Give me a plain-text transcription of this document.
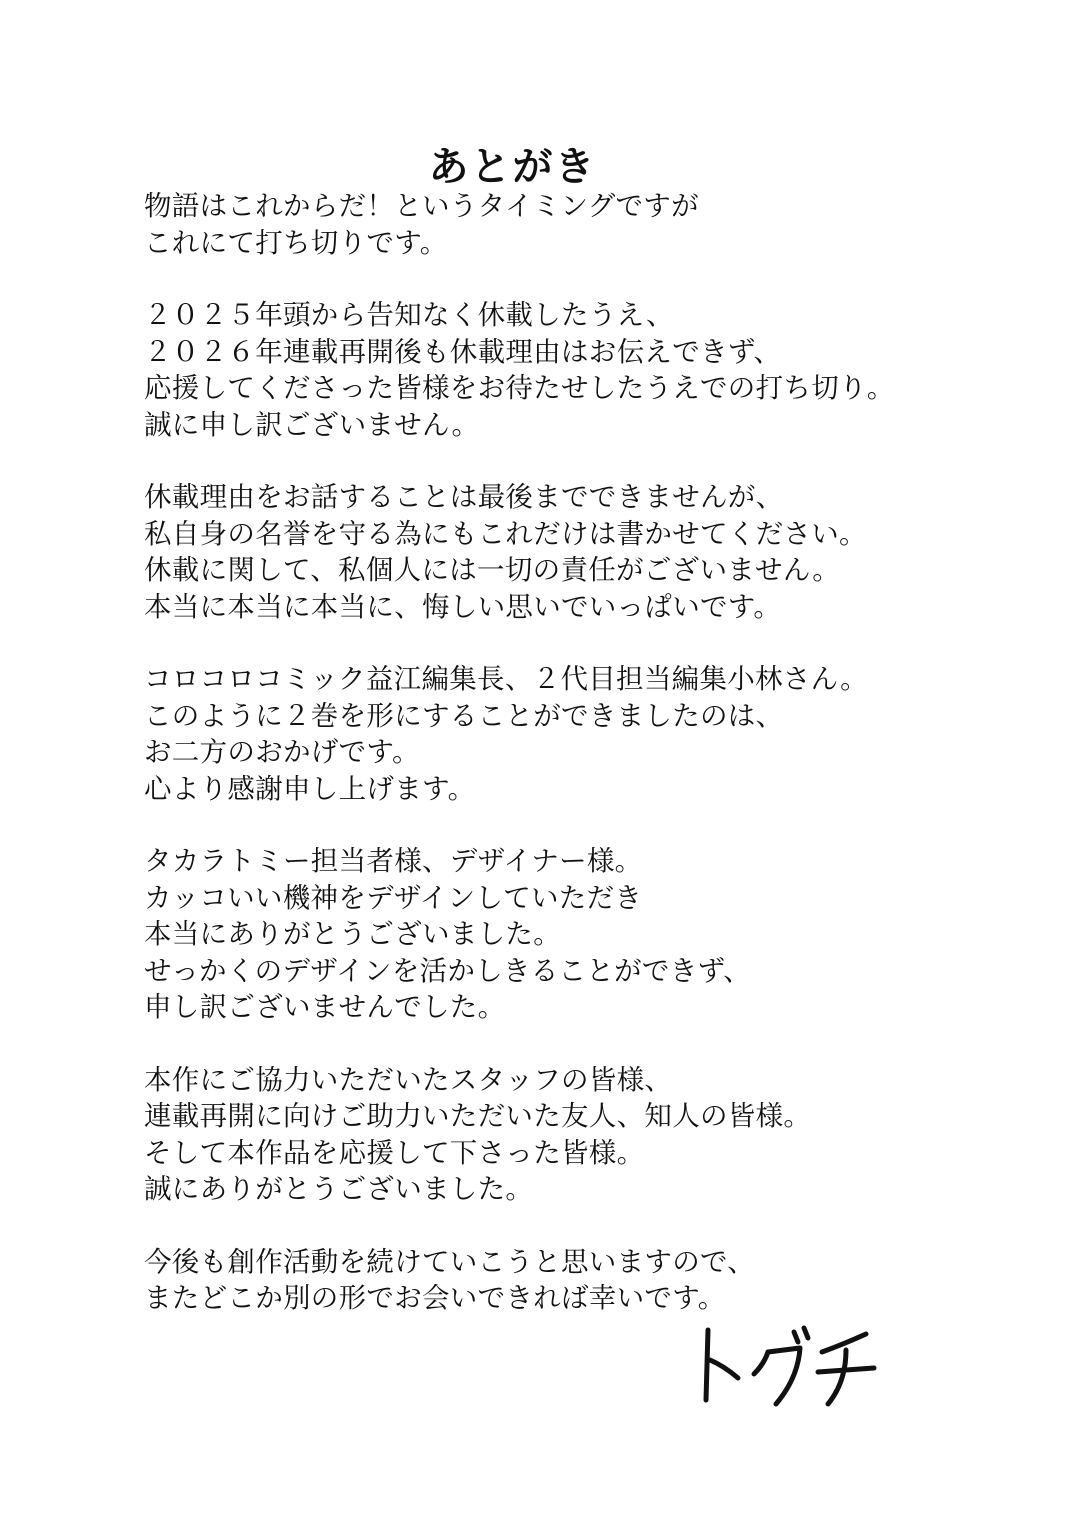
あとがき
物語はこれからだ！というタイミングですが
これにて打ち切りです。
２０２５年頭から告知なく休載したうえ、
２０２６年連載再開後も休載理由はお伝えできず、
応援してくださった皆様をお待たせしたうえでの打ち切り。
誠に申し訳ございません。
休載理由をお話することは最後までできませんが、
私自身の名誉を守る為にもこれだけは書かせてください。
休載に関して、私個人には一切の責任がございません。
本当に本当に本当に、悔しい思いでいっぱいです。
コロコロコミック益江編集長、２代目担当編集小林さん。
このように２巻を形にすることができましたのは、
お二方のおかげです。
心より感謝申し上げます。
タカラトミー担当者様、デザイナー様。
カッコいい機神をデザインしていただき
本当にありがとうございました。
せっかくのデザインを活かしきることができず、
申し訳ございませんでした。
本作にご協力いただいたスタッフの皆様、
連載再開に向けご助力いただいた友人、知人の皆様。
そして本作品を応援して下さった皆様。
誠にありがとうございました。
今後も創作活動を続けていこうと思いますので、
またどこか別の形でお会いできれば幸いです。
